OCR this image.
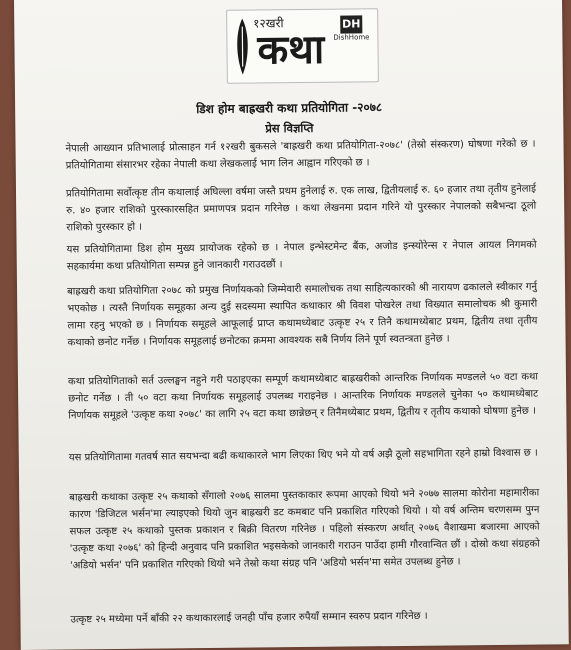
१२खरी
कथा
DH
DishHome
डिश होम बाह्रखरी कथा प्रतियोगिता -२०७८
प्रेस विज्ञप्ति

नेपाली आख्यान प्रतिभालाई प्रोत्साहन गर्न १२खरी बुकसले 'बाह्रखरी कथा प्रतियोगिता-२०७८' (तेस्रो संस्करण) घोषणा गरेको छ । प्रतियोगितामा संसारभर रहेका नेपाली कथा लेखकलाई भाग लिन आह्वान गरिएको छ ।

प्रतियोगितामा सर्वोत्कृष्ट तीन कथालाई अघिल्ला वर्षमा जस्तै प्रथम हुनेलाई रु. एक लाख, द्वितीयलाई रु. ६० हजार तथा तृतीय हुनेलाई रु. ४० हजार राशिको पुरस्कारसहित प्रमाणपत्र प्रदान गरिनेछ । कथा लेखनमा प्रदान गरिने यो पुरस्कार नेपालको सबैभन्दा ठूलो राशिको पुरस्कार हो ।

यस प्रतियोगितामा डिश होम मुख्य प्रायोजक रहेको छ । नेपाल इन्भेस्टमेन्ट बैंक, अजोड इन्स्योरेन्स र नेपाल आयल निगमको सहकार्यमा कथा प्रतियोगिता सम्पन्न हुने जानकारी गराउदछौं ।

बाह्रखरी कथा प्रतियोगिता २०७८ को प्रमुख निर्णायकको जिम्मेवारी समालोचक तथा साहित्यकारको श्री नारायण ढकालले स्वीकार गर्नु भएकोछ । त्यस्तै निर्णायक समूहका अन्य दुई सदस्यमा स्थापित कथाकार श्री विवश पोखरेल तथा विख्यात समालोचक श्री कुमारी लामा रहनु भएको छ । निर्णायक समूहले आफूलाई प्राप्त कथामध्येबाट उत्कृष्ट २५ र तिनै कथामध्येबाट प्रथम, द्वितीय तथा तृतीय कथाको छनोट गर्नेछ । निर्णायक समूहलाई छनोटका क्रममा आवश्यक सबै निर्णय लिने पूर्ण स्वतन्त्रता हुनेछ ।

कथा प्रतियोगिताको सर्त उल्लङ्घन नहुने गरी पठाइएका सम्पूर्ण कथामध्येबाट बाह्रखरीको आन्तरिक निर्णायक मण्डलले ५० वटा कथा छनोट गर्नेछ । ती ५० वटा कथा निर्णायक समूहलाई उपलब्ध गराइनेछ । आन्तरिक निर्णायक मण्डलले चुनेका ५० कथामध्येबाट निर्णायक समूहले 'उत्कृष्ट कथा २०७८' का लागि २५ वटा कथा छान्नेछन् र तिनैमध्येबाट प्रथम, द्वितीय र तृतीय कथाको घोषणा हुनेछ ।

यस प्रतियोगितामा गतवर्ष सात सयभन्दा बढी कथाकारले भाग लिएका थिए भने यो वर्ष अझै ठूलो सहभागिता रहने हाम्रो विश्वास छ ।

बाह्रखरी कथाका उत्कृष्ट २५ कथाको सँगालो २०७६ सालमा पुस्तकाकार रूपमा आएको थियो भने २०७७ सालमा कोरोना महामारीका कारण 'डिजिटल भर्सन'मा ल्याइएको थियो जुन बाह्रखरी डट कमबाट पनि प्रकाशित गरिएको थियो । यो वर्ष अन्तिम चरणसम्म पुग्न सफल उत्कृष्ट २५ कथाको पुस्तक प्रकाशन र बिक्री वितरण गरिनेछ । पहिलो संस्करण अर्थात् २०७६ वैशाखमा बजारमा आएको 'उत्कृष्ट कथा २०७६' को हिन्दी अनुवाद पनि प्रकाशित भइसकेको जानकारी गराउन पाउँदा हामी गौरवान्वित छौं । दोस्रो कथा संग्रहको 'अडियो भर्सन' पनि प्रकाशित गरिएको थियो भने तेस्रो कथा संग्रह पनि 'अडियो भर्सन'मा समेत उपलब्ध हुनेछ ।

उत्कृष्ट २५ मध्येमा पर्ने बाँकी २२ कथाकारलाई जनही पाँच हजार रुपैयाँ सम्मान स्वरुप प्रदान गरिनेछ ।
